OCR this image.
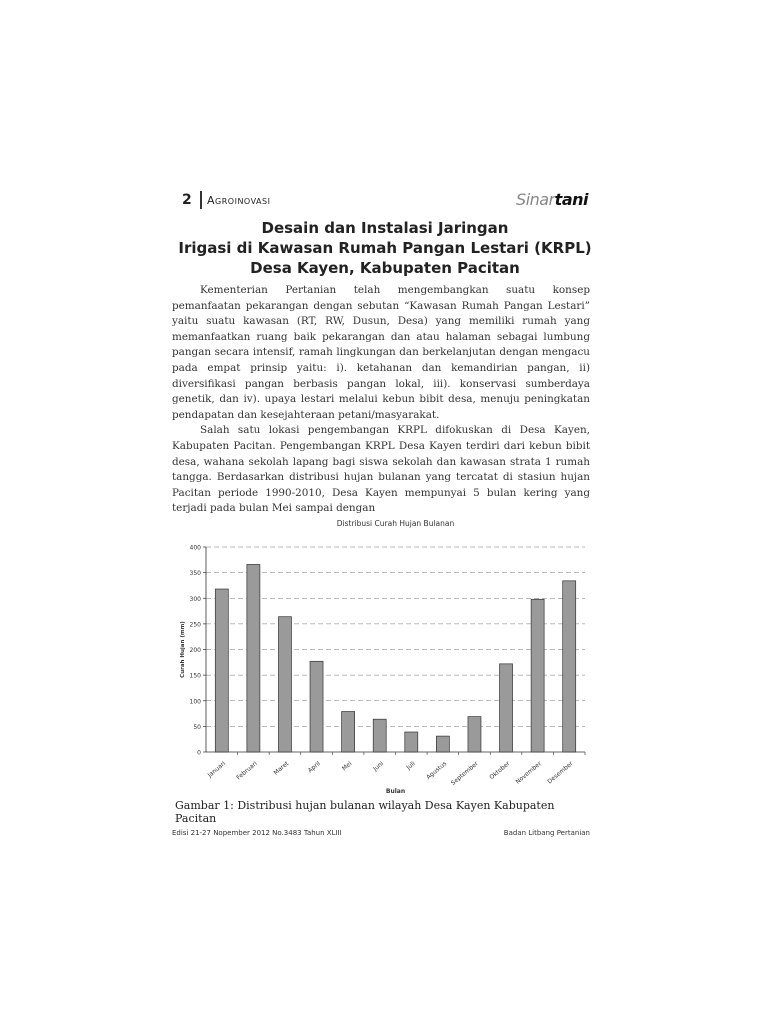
2 Agroinovasi	Sinartani
Desain dan Instalasi Jaringan
Irigasi di Kawasan Rumah Pangan Lestari (KRPL)
Desa Kayen, Kabupaten Pacitan

Kementerian Pertanian telah mengembangkan suatu konsep pemanfaatan pekarangan dengan sebutan “Kawasan Rumah Pangan Lestari” yaitu suatu kawasan (RT, RW, Dusun, Desa) yang memiliki rumah yang memanfaatkan ruang baik pekarangan dan atau halaman sebagai lumbung pangan secara intensif, ramah lingkungan dan berkelanjutan dengan mengacu pada empat prinsip yaitu: i). ketahanan dan kemandirian pangan, ii) diversifikasi pangan berbasis pangan lokal, iii). konservasi sumberdaya genetik, dan iv). upaya lestari melalui kebun bibit desa, menuju peningkatan pendapatan dan kesejahteraan petani/masyarakat.

Salah satu lokasi pengembangan KRPL difokuskan di Desa Kayen, Kabupaten Pacitan. Pengembangan KRPL Desa Kayen terdiri dari kebun bibit desa, wahana sekolah lapang bagi siswa sekolah dan kawasan strata 1 rumah tangga. Berdasarkan distribusi hujan bulanan yang tercatat di stasiun hujan Pacitan periode 1990-2010, Desa Kayen mempunyai 5 bulan kering yang terjadi pada bulan Mei sampai dengan

Distribusi Curah Hujan Bulanan
0
50
100
150
200
250
300
350
400
Januari Februari Maret	April	Mei	Juni	Juli Agustus September Oktober November Desember
Bulan
Curah Hujan (mm)
Gambar 1: Distribusi hujan bulanan wilayah Desa Kayen Kabupaten Pacitan
Edisi 21-27 Nopember 2012 No.3483 Tahun XLIII	Badan Litbang Pertanian
